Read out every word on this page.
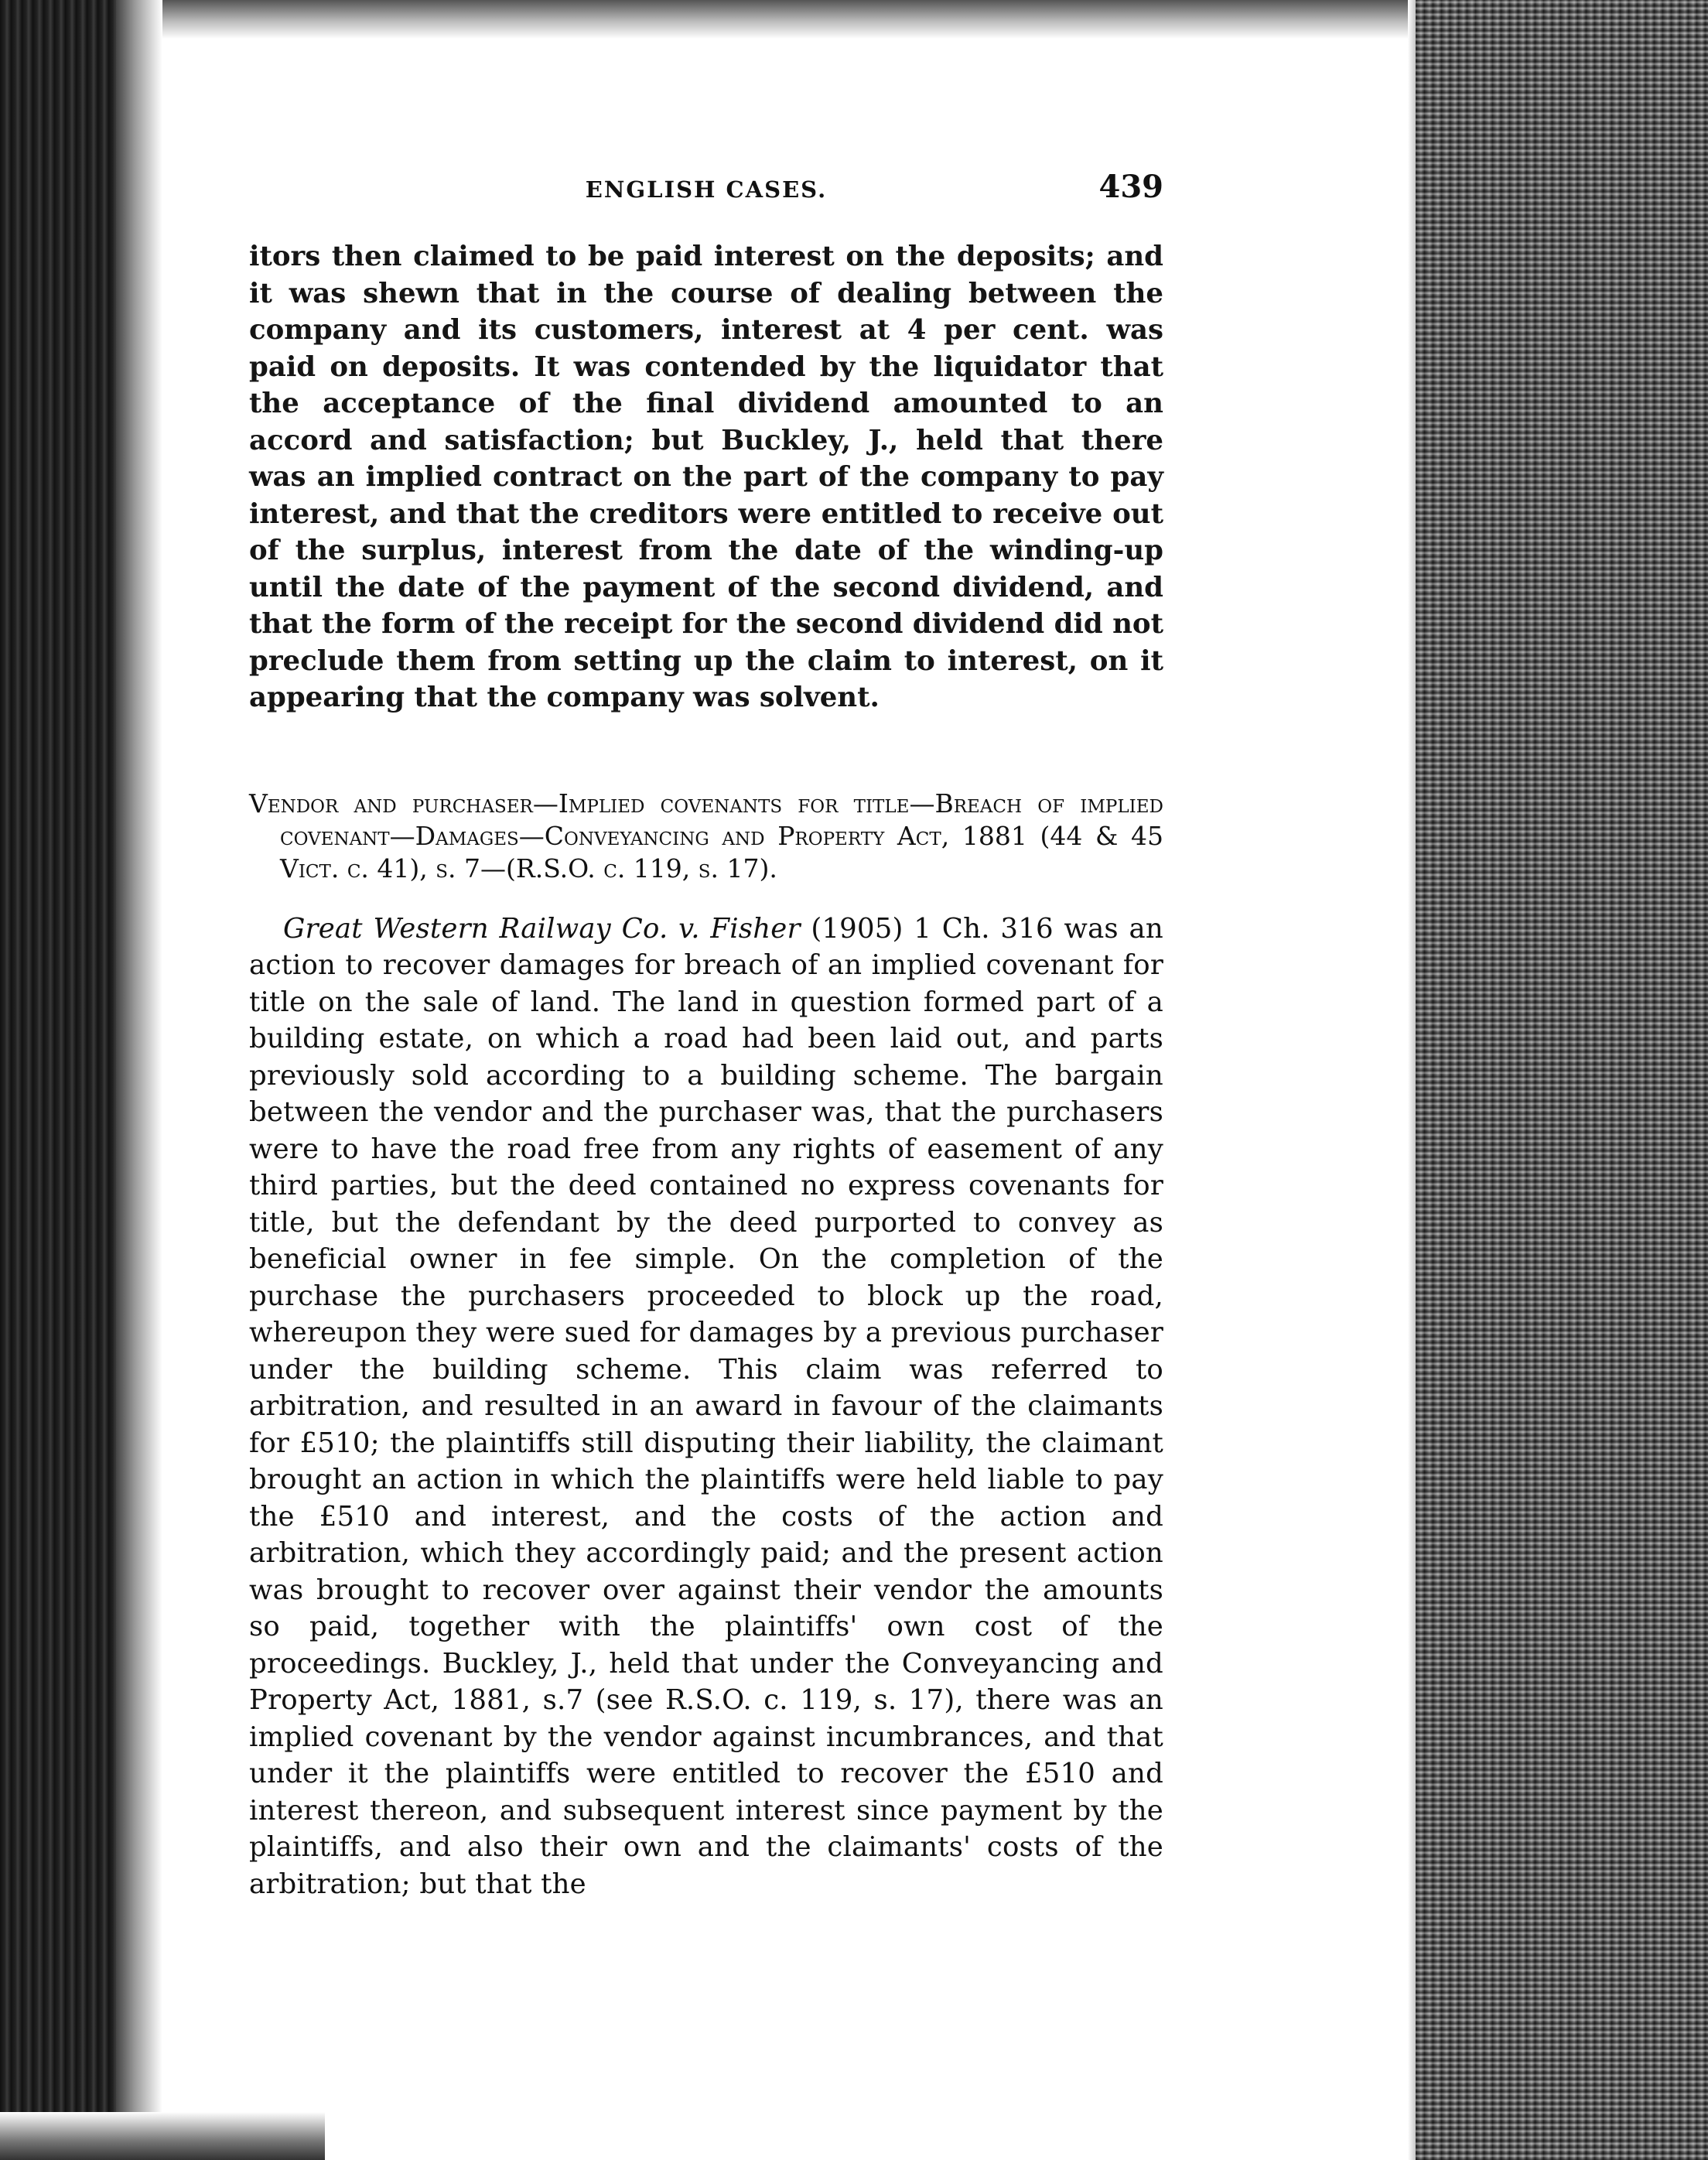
ENGLISH CASES.	439

itors then claimed to be paid interest on the deposits; and it was shewn that in the course of dealing between the company and its customers, interest at 4 per cent. was paid on deposits. It was contended by the liquidator that the acceptance of the final dividend amounted to an accord and satisfaction; but Buckley, J., held that there was an implied contract on the part of the company to pay interest, and that the creditors were entitled to receive out of the surplus, interest from the date of the winding-up until the date of the payment of the second dividend, and that the form of the receipt for the second dividend did not preclude them from setting up the claim to interest, on it appearing that the company was solvent.

Vendor and purchaser—Implied covenants for title—Breach of implied covenant—Damages—Conveyancing and Property Act, 1881 (44 & 45 Vict. c. 41), s. 7—(R.S.O. c. 119, s. 17).

Great Western Railway Co. v. Fisher (1905) 1 Ch. 316 was an action to recover damages for breach of an implied covenant for title on the sale of land. The land in question formed part of a building estate, on which a road had been laid out, and parts previously sold according to a building scheme. The bargain between the vendor and the purchaser was, that the purchasers were to have the road free from any rights of easement of any third parties, but the deed contained no express covenants for title, but the defendant by the deed purported to convey as beneficial owner in fee simple. On the completion of the purchase the purchasers proceeded to block up the road, whereupon they were sued for damages by a previous purchaser under the building scheme. This claim was referred to arbitration, and resulted in an award in favour of the claimants for £510; the plaintiffs still disputing their liability, the claimant brought an action in which the plaintiffs were held liable to pay the £510 and interest, and the costs of the action and arbitration, which they accordingly paid; and the present action was brought to recover over against their vendor the amounts so paid, together with the plaintiffs' own cost of the proceedings. Buckley, J., held that under the Conveyancing and Property Act, 1881, s.7 (see R.S.O. c. 119, s. 17), there was an implied covenant by the vendor against incumbrances, and that under it the plaintiffs were entitled to recover the £510 and interest thereon, and subsequent interest since payment by the plaintiffs, and also their own and the claimants' costs of the arbitration; but that the
